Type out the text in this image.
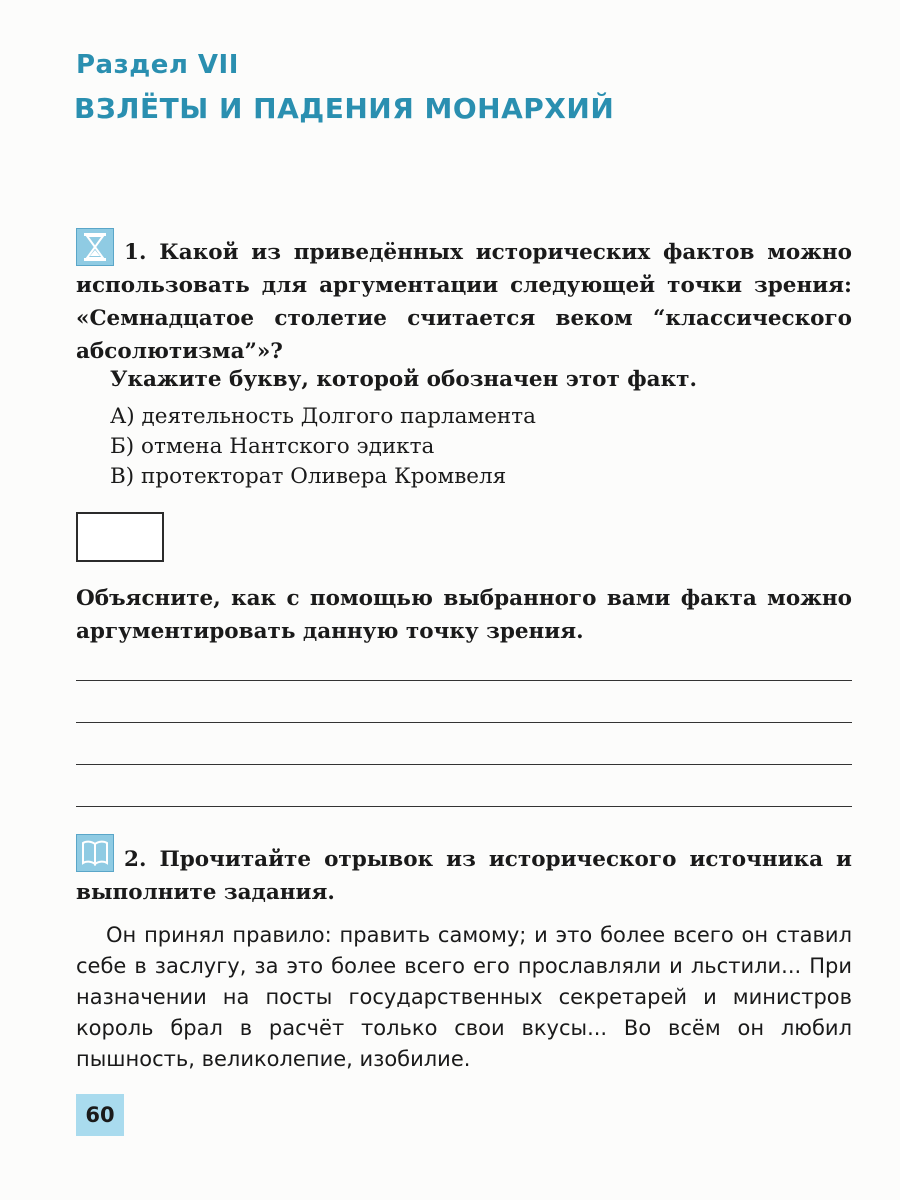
Раздел VII
ВЗЛЁТЫ И ПАДЕНИЯ МОНАРХИЙ
1. Какой из приведённых исторических фактов можно использовать для аргументации следующей точки зрения: «Семнадцатое столетие считается веком “классического абсолютизма”»?
Укажите букву, которой обозначен этот факт.
А) деятельность Долгого парламента
Б) отмена Нантского эдикта
В) протекторат Оливера Кромвеля
Объясните, как с помощью выбранного вами факта можно аргументировать данную точку зрения.
2. Прочитайте отрывок из исторического источника и выполните задания.
Он принял правило: править самому; и это более всего он ставил себе в заслугу, за это более всего его прославляли и льстили... При назначении на посты государственных секретарей и министров король брал в расчёт только свои вкусы... Во всём он любил пышность, великолепие, изобилие.
60
